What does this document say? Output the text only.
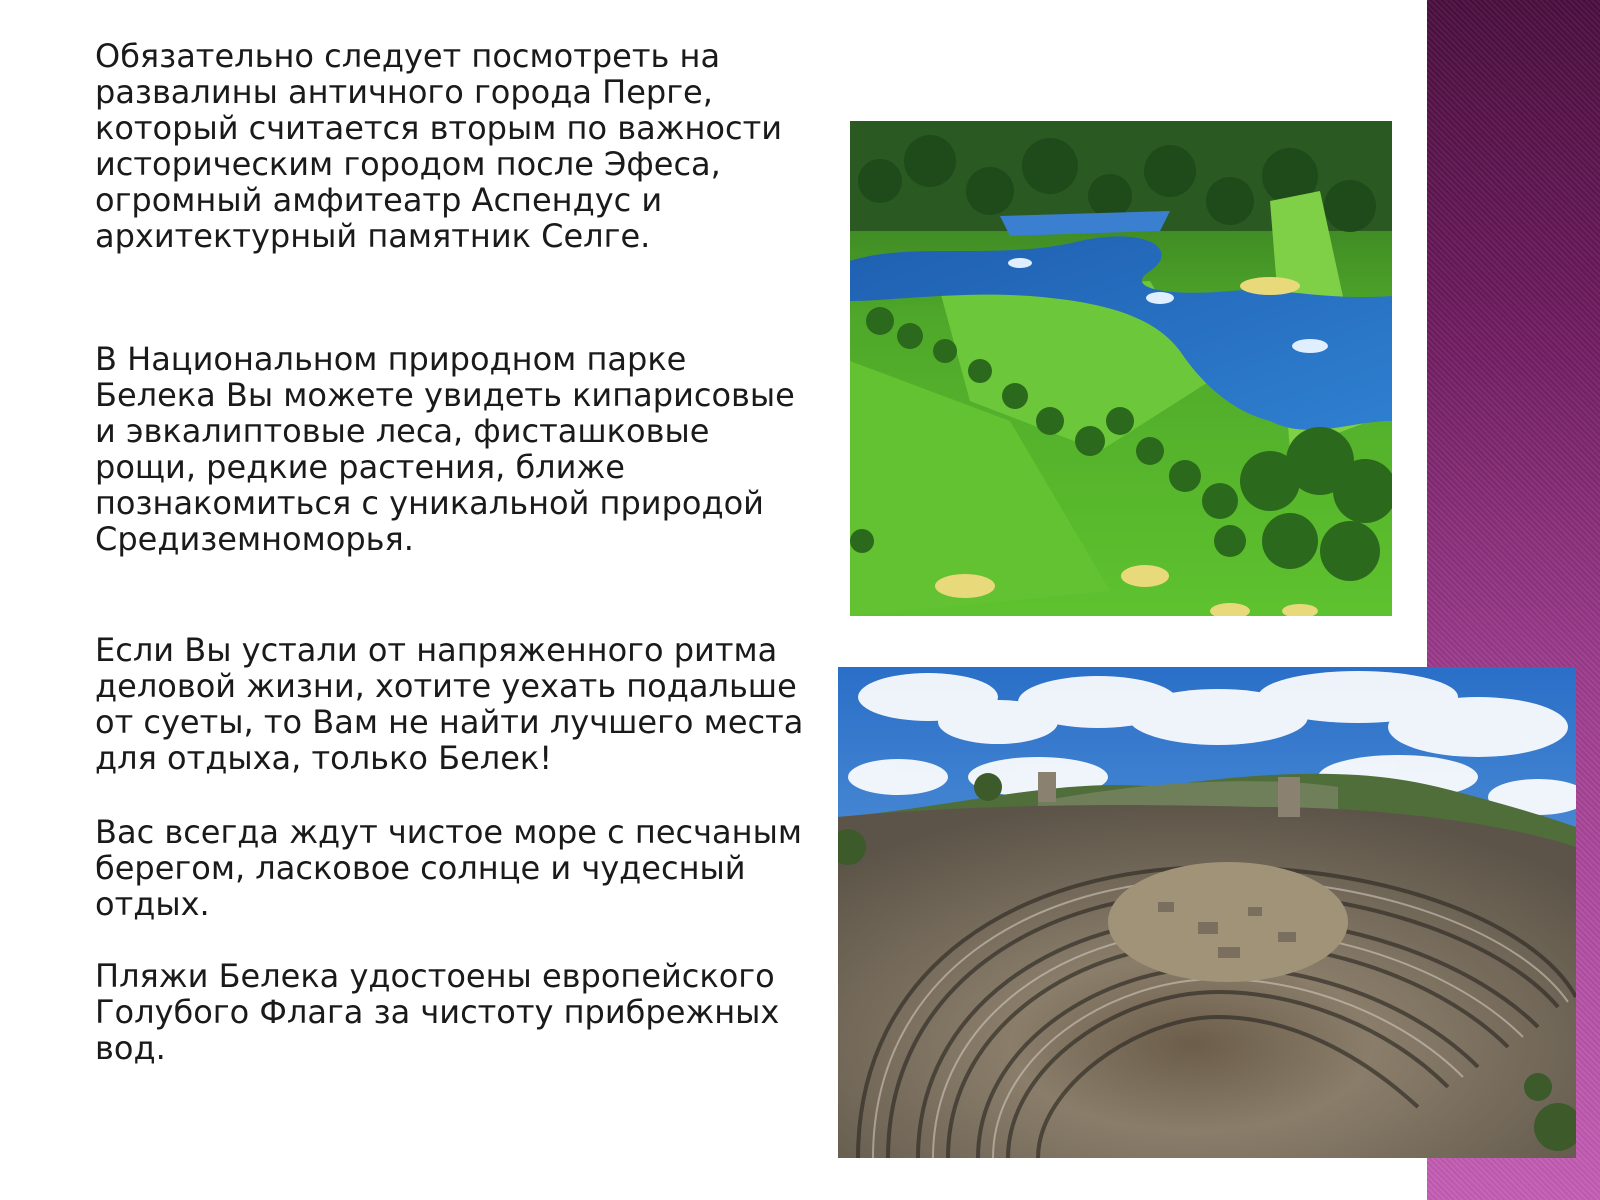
Обязательно следует посмотреть на
развалины античного города Перге,
который считается вторым по важности
историческим городом после Эфеса,
огромный амфитеатр Аспендус и
архитектурный памятник Селге.
В Национальном природном парке
Белека Вы можете увидеть кипарисовые
и эвкалиптовые леса, фисташковые
рощи, редкие растения, ближе
познакомиться с уникальной природой
Средиземноморья.
Если Вы устали от напряженного ритма
деловой жизни, хотите уехать подальше
от суеты, то Вам не найти лучшего места
для отдыха, только Белек!
Вас всегда ждут чистое море с песчаным
берегом, ласковое солнце и чудесный
отдых.
Пляжи Белека удостоены европейского
Голубого Флага за чистоту прибрежных
вод.
